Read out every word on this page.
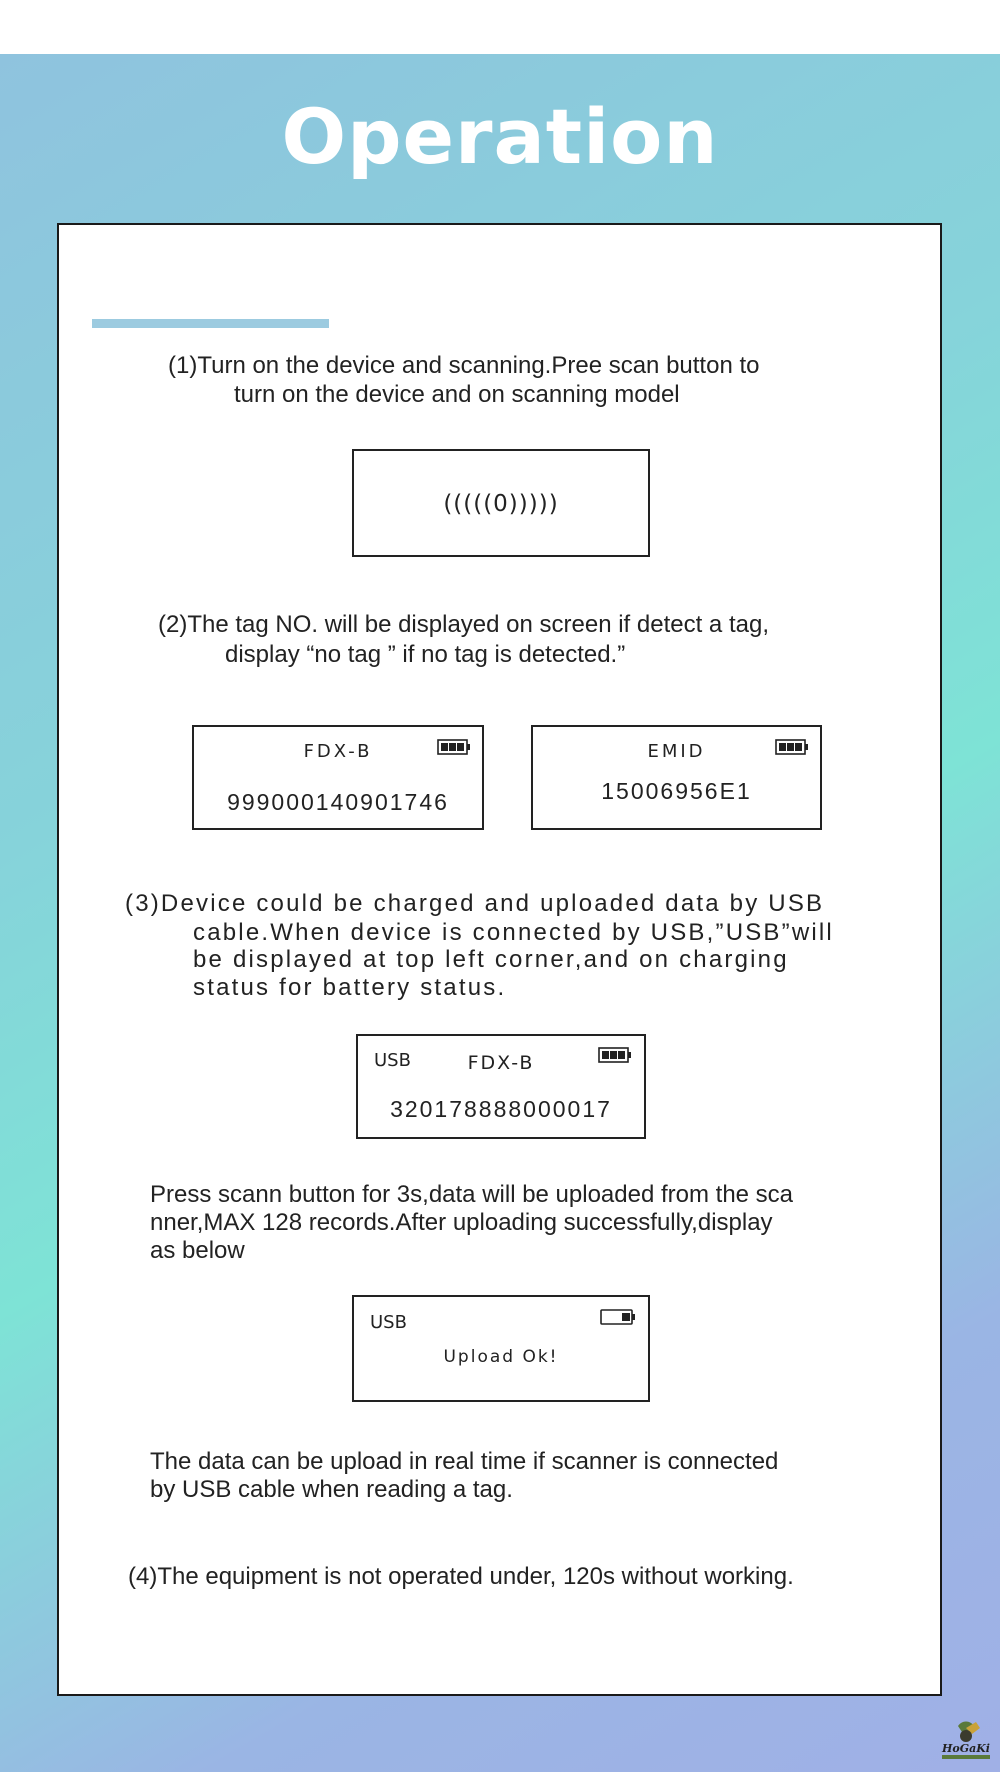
Operation
(1)Turn on the device and scanning.Pree scan button to
turn on the device and on scanning model
(((((0)))))
(2)The tag NO. will be displayed on screen if detect a tag,
display “no tag ” if no tag is detected.”
FDX-B
999000140901746
EMID
15006956E1
(3)Device could be charged and uploaded data by USB
cable.When device is connected by USB,”USB”will
be displayed at top left corner,and on charging
status for battery status.
USB	FDX-B
320178888000017
Press scann button for 3s,data will be uploaded from the sca
nner,MAX 128 records.After uploading successfully,display
as below
USB
Upload Ok!
The data can be upload in real time if scanner is connected
by USB cable when reading a tag.
(4)The equipment is not operated under, 120s without working.
HoGaKi
